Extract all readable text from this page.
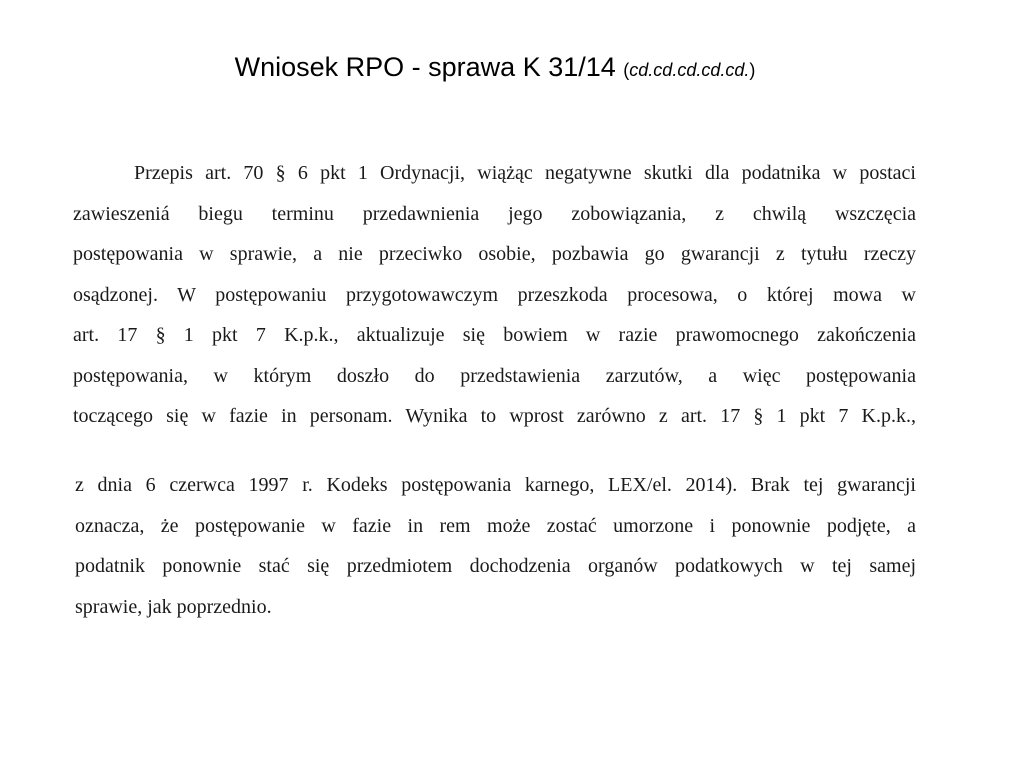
Wniosek RPO - sprawa K 31/14 (cd.cd.cd.cd.cd.)
Przepis art. 70 § 6 pkt 1 Ordynacji, wiążąc negatywne skutki dla podatnika w postaci
zawieszeniá biegu terminu przedawnienia jego zobowiązania, z chwilą wszczęcia
postępowania w sprawie, a nie przeciwko osobie, pozbawia go gwarancji z tytułu rzeczy
osądzonej. W postępowaniu przygotowawczym przeszkoda procesowa, o której mowa w
art. 17 § 1 pkt 7 K.p.k., aktualizuje się bowiem w razie prawomocnego zakończenia
postępowania, w którym doszło do przedstawienia zarzutów, a więc postępowania
toczącego się w fazie in personam. Wynika to wprost zarówno z art. 17 § 1 pkt 7 K.p.k.,
z dnia 6 czerwca 1997 r. Kodeks postępowania karnego, LEX/el. 2014). Brak tej gwarancji
oznacza, że postępowanie w fazie in rem może zostać umorzone i ponownie podjęte, a
podatnik ponownie stać się przedmiotem dochodzenia organów podatkowych w tej samej
sprawie, jak poprzednio.
